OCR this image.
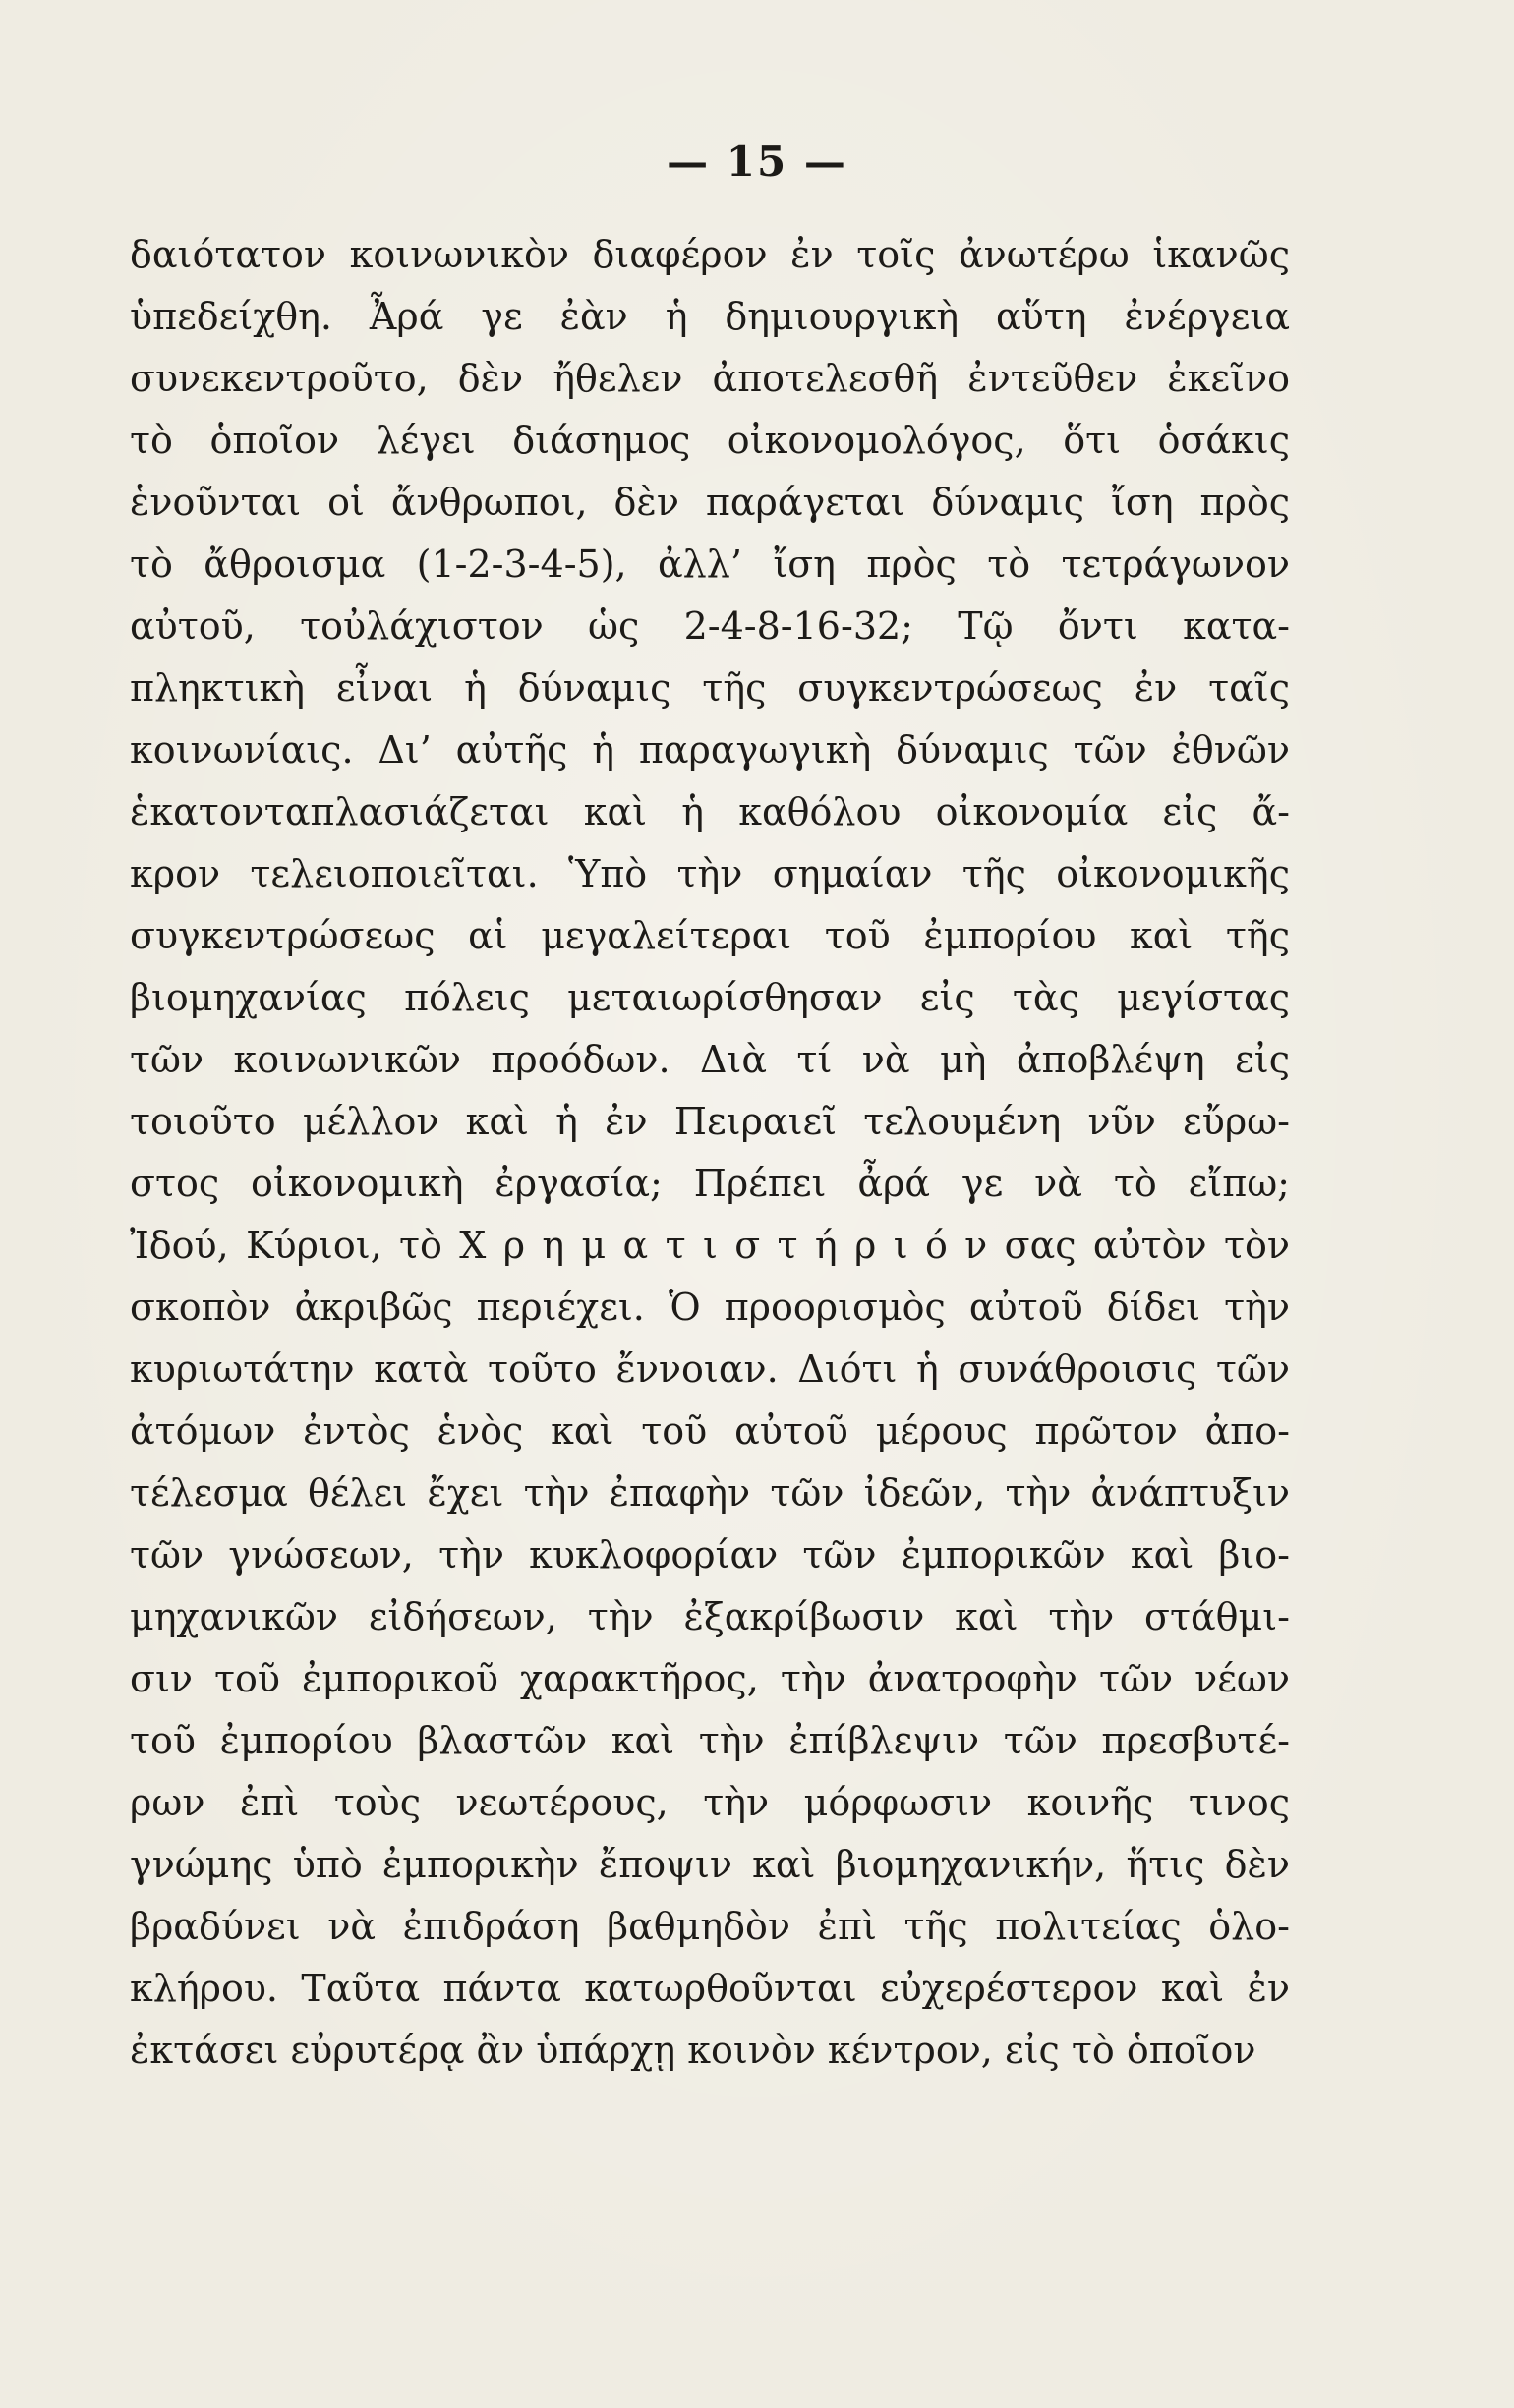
— 15 —
δαιότατον κοινωνικὸν διαφέρον ἐν τοῖς ἀνωτέρω ἱκανῶς
ὑπεδείχθη. Ἆρά γε ἐὰν ἡ δημιουργικὴ αὕτη ἐνέργεια
συνεκεντροῦτο, δὲν ἤθελεν ἀποτελεσθῆ ἐντεῦθεν ἐκεῖνο
τὸ ὁποῖον λέγει διάσημος οἰκονομολόγος, ὅτι ὁσάκις
ἑνοῦνται οἱ ἄνθρωποι, δὲν παράγεται δύναμις ἴση πρὸς
τὸ ἄθροισμα (1-2-3-4-5), ἀλλ’ ἴση πρὸς τὸ τετράγωνον
αὐτοῦ, τοὐλάχιστον ὡς 2-4-8-16-32; Τῷ ὄντι κατα-
πληκτικὴ εἶναι ἡ δύναμις τῆς συγκεντρώσεως ἐν ταῖς
κοινωνίαις. Δι’ αὐτῆς ἡ παραγωγικὴ δύναμις τῶν ἐθνῶν
ἑκατονταπλασιάζεται καὶ ἡ καθόλου οἰκονομία εἰς ἄ-
κρον τελειοποιεῖται. Ὑπὸ τὴν σημαίαν τῆς οἰκονομικῆς
συγκεντρώσεως αἱ μεγαλείτεραι τοῦ ἐμπορίου καὶ τῆς
βιομηχανίας πόλεις μεταιωρίσθησαν εἰς τὰς μεγίστας
τῶν κοινωνικῶν προόδων. Διὰ τί νὰ μὴ ἀποβλέψη εἰς
τοιοῦτο μέλλον καὶ ἡ ἐν Πειραιεῖ τελουμένη νῦν εὔρω-
στος οἰκονομικὴ ἐργασία; Πρέπει ἆρά γε νὰ τὸ εἴπω;
Ἰδού, Κύριοι, τὸ Χ ρ η μ α τ ι σ τ ή ρ ι ό ν σας αὐτὸν τὸν
σκοπὸν ἀκριβῶς περιέχει. Ὁ προορισμὸς αὐτοῦ δίδει τὴν
κυριωτάτην κατὰ τοῦτο ἔννοιαν. Διότι ἡ συνάθροισις τῶν
ἀτόμων ἐντὸς ἑνὸς καὶ τοῦ αὐτοῦ μέρους πρῶτον ἀπο-
τέλεσμα θέλει ἔχει τὴν ἐπαφὴν τῶν ἰδεῶν, τὴν ἀνάπτυξιν
τῶν γνώσεων, τὴν κυκλοφορίαν τῶν ἐμπορικῶν καὶ βιο-
μηχανικῶν εἰδήσεων, τὴν ἐξακρίβωσιν καὶ τὴν στάθμι-
σιν τοῦ ἐμπορικοῦ χαρακτῆρος, τὴν ἀνατροφὴν τῶν νέων
τοῦ ἐμπορίου βλαστῶν καὶ τὴν ἐπίβλεψιν τῶν πρεσβυτέ-
ρων ἐπὶ τοὺς νεωτέρους, τὴν μόρφωσιν κοινῆς τινος
γνώμης ὑπὸ ἐμπορικὴν ἔποψιν καὶ βιομηχανικήν, ἥτις δὲν
βραδύνει νὰ ἐπιδράση βαθμηδὸν ἐπὶ τῆς πολιτείας ὁλο-
κλήρου. Ταῦτα πάντα κατωρθοῦνται εὐχερέστερον καὶ ἐν
ἐκτάσει εὐρυτέρᾳ ἂν ὑπάρχῃ κοινὸν κέντρον, εἰς τὸ ὁποῖον
